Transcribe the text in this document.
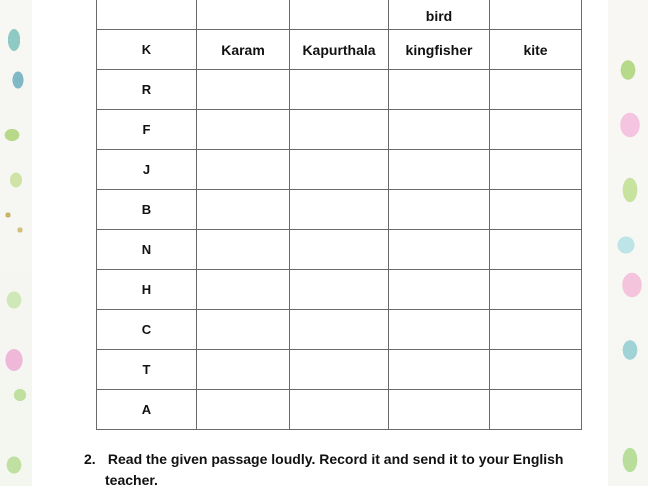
			bird	
K	Karam	Kapurthala	kingfisher	kite
R				
F				
J				
B				
N				
H				
C				
T				
A				
2. Read the given passage loudly. Record it and send it to your English
teacher.
